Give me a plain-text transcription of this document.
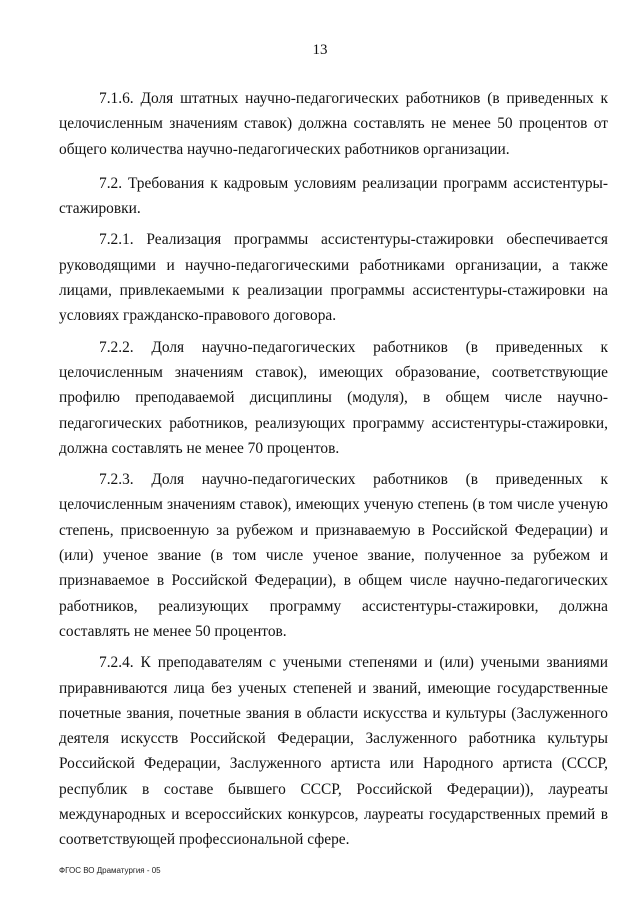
13

7.1.6. Доля штатных научно-педагогических работников (в приведенных к целочисленным значениям ставок) должна составлять не менее 50 процентов от общего количества научно-педагогических работников организации.

7.2. Требования к кадровым условиям реализации программ ассистентуры-стажировки.

7.2.1. Реализация программы ассистентуры-стажировки обеспечивается руководящими и научно-педагогическими работниками организации, а также лицами, привлекаемыми к реализации программы ассистентуры-стажировки на условиях гражданско-правового договора.

7.2.2. Доля научно-педагогических работников (в приведенных к целочисленным значениям ставок), имеющих образование, соответствующие профилю преподаваемой дисциплины (модуля), в общем числе научно-педагогических работников, реализующих программу ассистентуры-стажировки, должна составлять не менее 70 процентов.

7.2.3. Доля научно-педагогических работников (в приведенных к целочисленным значениям ставок), имеющих ученую степень (в том числе ученую степень, присвоенную за рубежом и признаваемую в Российской Федерации) и (или) ученое звание (в том числе ученое звание, полученное за рубежом и признаваемое в Российской Федерации), в общем числе научно-педагогических работников, реализующих программу ассистентуры-стажировки, должна составлять не менее 50 процентов.

7.2.4. К преподавателям с учеными степенями и (или) учеными званиями приравниваются лица без ученых степеней и званий, имеющие государственные почетные звания, почетные звания в области искусства и культуры (Заслуженного деятеля искусств Российской Федерации, Заслуженного работника культуры Российской Федерации, Заслуженного артиста или Народного артиста (СССР, республик в составе бывшего СССР, Российской Федерации)), лауреаты международных и всероссийских конкурсов, лауреаты государственных премий в соответствующей профессиональной сфере.

ФГОС ВО Драматургия - 05
